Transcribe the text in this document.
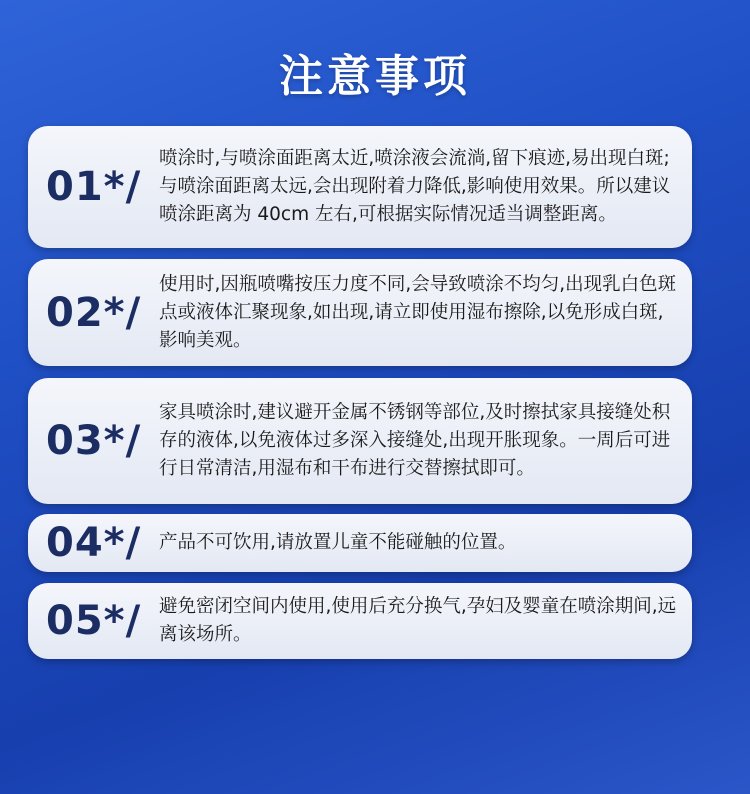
注意事项
01*/
喷涂时,与喷涂面距离太近,喷涂液会流淌,留下痕迹,易出现白斑;与喷涂面距离太远,会出现附着力降低,影响使用效果。所以建议喷涂距离为 40cm 左右,可根据实际情况适当调整距离。
02*/
使用时,因瓶喷嘴按压力度不同,会导致喷涂不均匀,出现乳白色斑点或液体汇聚现象,如出现,请立即使用湿布擦除,以免形成白斑,影响美观。
03*/
家具喷涂时,建议避开金属不锈钢等部位,及时擦拭家具接缝处积存的液体,以免液体过多深入接缝处,出现开胀现象。一周后可进行日常清洁,用湿布和干布进行交替擦拭即可。
04*/ 产品不可饮用,请放置儿童不能碰触的位置。
05*/ 避免密闭空间内使用,使用后充分换气,孕妇及婴童在喷涂期间,远离该场所。
